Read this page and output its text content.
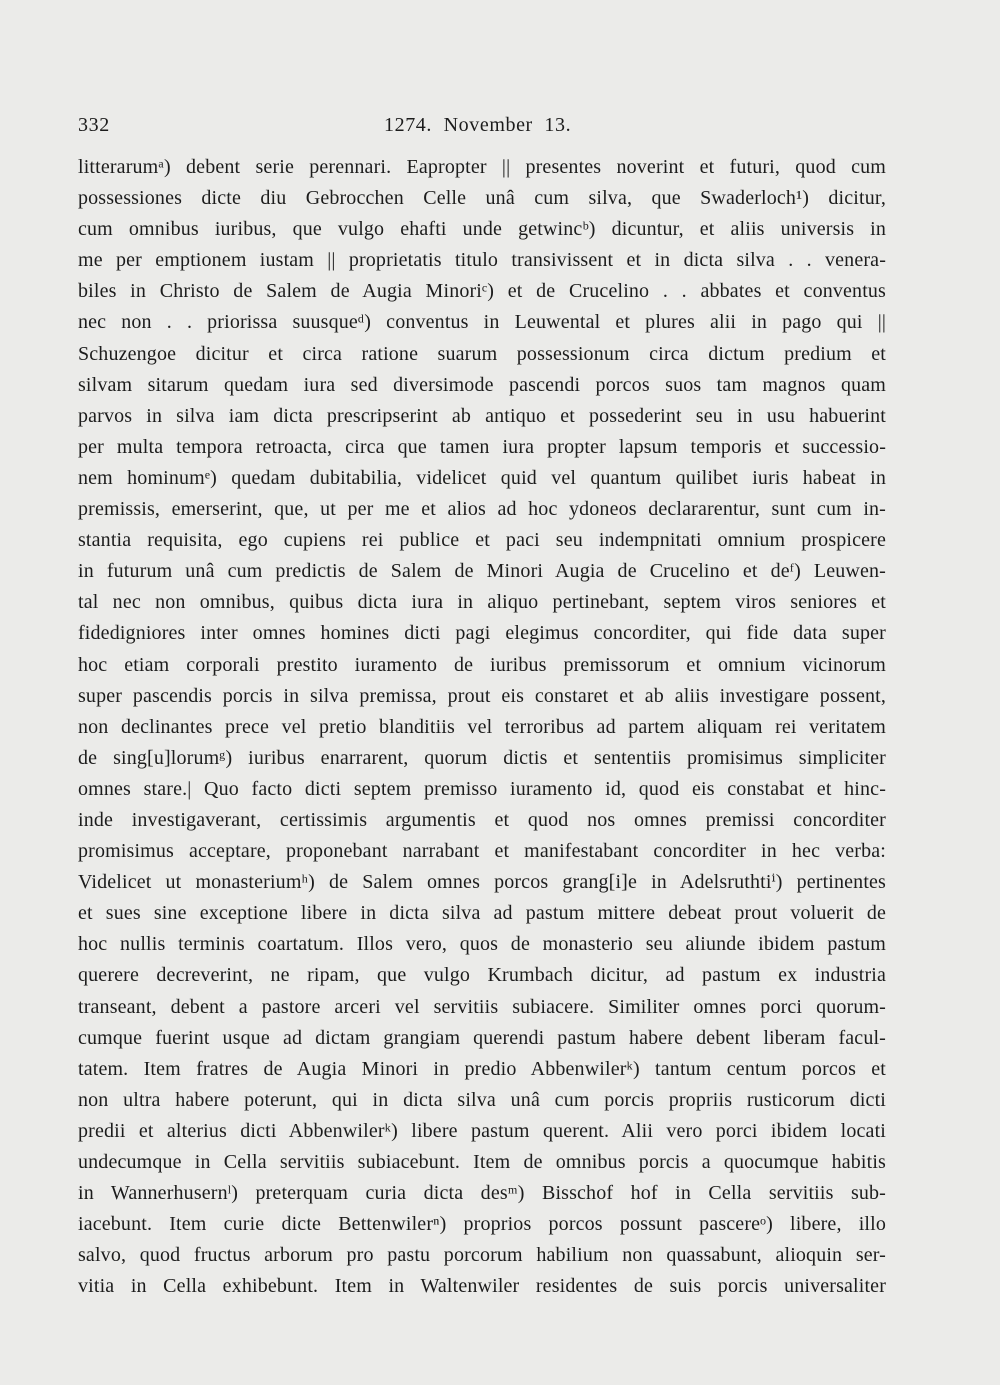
332	1274. November 13.
litterarumᵃ) debent serie perennari. Eapropter || presentes noverint et futuri, quod cum
possessiones dicte diu Gebrocchen Celle unâ cum silva, que Swaderloch¹) dicitur,
cum omnibus iuribus, que vulgo ehafti unde getwincᵇ) dicuntur, et aliis universis in
me per emptionem iustam || proprietatis titulo transivissent et in dicta silva . . venera-
biles in Christo de Salem de Augia Minoriᶜ) et de Crucelino . . abbates et conventus
nec non . . priorissa suusqueᵈ) conventus in Leuwental et plures alii in pago qui ||
Schuzengoe dicitur et circa ratione suarum possessionum circa dictum predium et
silvam sitarum quedam iura sed diversimode pascendi porcos suos tam magnos quam
parvos in silva iam dicta prescripserint ab antiquo et possederint seu in usu habuerint
per multa tempora retroacta, circa que tamen iura propter lapsum temporis et successio-
nem hominumᵉ) quedam dubitabilia, videlicet quid vel quantum quilibet iuris habeat in
premissis, emerserint, que, ut per me et alios ad hoc ydoneos declararentur, sunt cum in-
stantia requisita, ego cupiens rei publice et paci seu indempnitati omnium prospicere
in futurum unâ cum predictis de Salem de Minori Augia de Crucelino et deᶠ) Leuwen-
tal nec non omnibus, quibus dicta iura in aliquo pertinebant, septem viros seniores et
fidedigniores inter omnes homines dicti pagi elegimus concorditer, qui fide data super
hoc etiam corporali prestito iuramento de iuribus premissorum et omnium vicinorum
super pascendis porcis in silva premissa, prout eis constaret et ab aliis investigare possent,
non declinantes prece vel pretio blanditiis vel terroribus ad partem aliquam rei veritatem
de sing[u]lorumᵍ) iuribus enarrarent, quorum dictis et sententiis promisimus simpliciter
omnes stare.| Quo facto dicti septem premisso iuramento id, quod eis constabat et hinc-
inde investigaverant, certissimis argumentis et quod nos omnes premissi concorditer
promisimus acceptare, proponebant narrabant et manifestabant concorditer in hec verba:
Videlicet ut monasteriumʰ) de Salem omnes porcos grang[i]e in Adelsruthtiⁱ) pertinentes
et sues sine exceptione libere in dicta silva ad pastum mittere debeat prout voluerit de
hoc nullis terminis coartatum. Illos vero, quos de monasterio seu aliunde ibidem pastum
querere decreverint, ne ripam, que vulgo Krumbach dicitur, ad pastum ex industria
transeant, debent a pastore arceri vel servitiis subiacere. Similiter omnes porci quorum-
cumque fuerint usque ad dictam grangiam querendi pastum habere debent liberam facul-
tatem. Item fratres de Augia Minori in predio Abbenwilerᵏ) tantum centum porcos et
non ultra habere poterunt, qui in dicta silva unâ cum porcis propriis rusticorum dicti
predii et alterius dicti Abbenwilerᵏ) libere pastum querent. Alii vero porci ibidem locati
undecumque in Cella servitiis subiacebunt. Item de omnibus porcis a quocumque habitis
in Wannerhusernˡ) preterquam curia dicta desᵐ) Bisschof hof in Cella servitiis sub-
iacebunt. Item curie dicte Bettenwilerⁿ) proprios porcos possunt pascereᵒ) libere, illo
salvo, quod fructus arborum pro pastu porcorum habilium non quassabunt, alioquin ser-
vitia in Cella exhibebunt. Item in Waltenwiler residentes de suis porcis universaliter
